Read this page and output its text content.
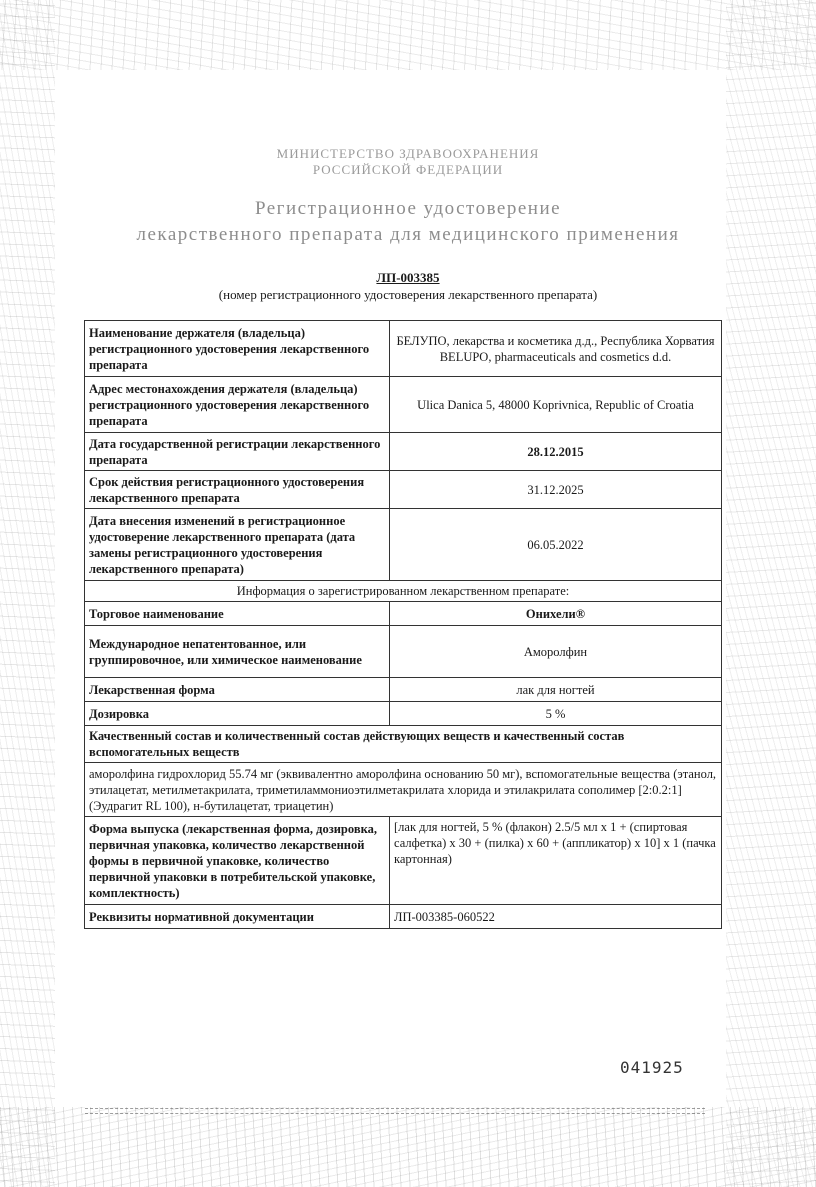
МИНИСТЕРСТВО ЗДРАВООХРАНЕНИЯ
РОССИЙСКОЙ ФЕДЕРАЦИИ
Регистрационное удостоверение
лекарственного препарата для медицинского применения
ЛП-003385
(номер регистрационного удостоверения лекарственного препарата)
Наименование держателя (владельца) регистрационного удостоверения лекарственного препарата	БЕЛУПО, лекарства и косметика д.д., Республика Хорватия
BELUPO, pharmaceuticals and cosmetics d.d.

Адрес местонахождения держателя (владельца) регистрационного удостоверения лекарственного препарата	Ulica Danica 5, 48000 Koprivnica, Republic of Croatia
Дата государственной регистрации лекарственного препарата	28.12.2015
Срок действия регистрационного удостоверения лекарственного препарата	31.12.2025
Дата внесения изменений в регистрационное удостоверение лекарственного препарата (дата замены регистрационного удостоверения лекарственного препарата)	06.05.2022
Информация о зарегистрированном лекарственном препарате:	
Торговое наименование	Онихели®
Международное непатентованное, или группировочное, или химическое наименование	Аморолфин
Лекарственная форма	лак для ногтей
Дозировка	5 %
Качественный состав и количественный состав действующих веществ и качественный состав вспомогательных веществ	
аморолфина гидрохлорид 55.74 мг (эквивалентно аморолфина основанию 50 мг), вспомогательные вещества (этанол, этилацетат, метилметакрилата, триметиламмониоэтилметакрилата хлорида и этилакрилата сополимер [2:0.2:1] (Эудрагит RL 100), н-бутилацетат, триацетин)	
Форма выпуска (лекарственная форма, дозировка, первичная упаковка, количество лекарственной формы в первичной упаковке, количество первичной упаковки в потребительской упаковке, комплектность)	[лак для ногтей, 5 % (флакон) 2.5/5 мл x 1 + (спиртовая салфетка) x 30 + (пилка) x 60 + (аппликатор) x 10] x 1 (пачка картонная)
Реквизиты нормативной документации	ЛП-003385-060522
041925
